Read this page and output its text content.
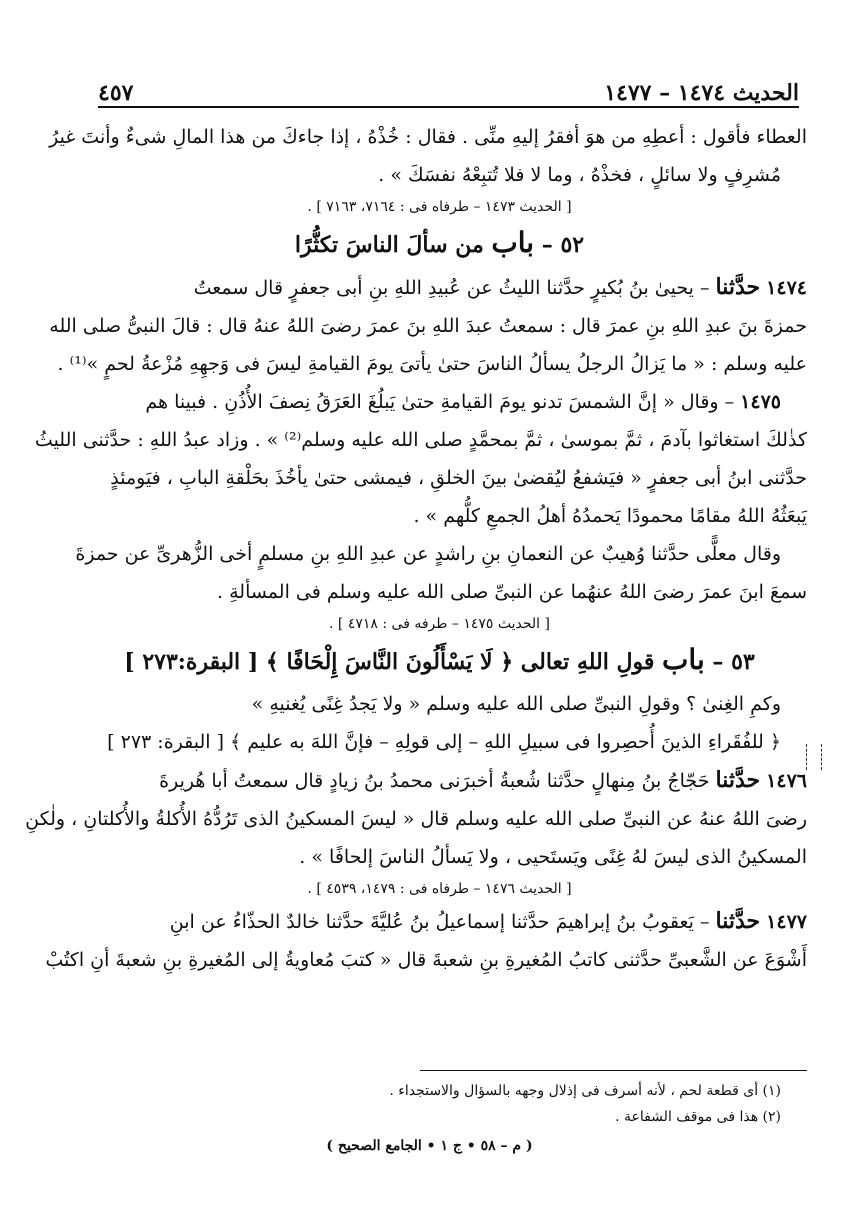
٤٥٧	الحديث ١٤٧٤ – ١٤٧٧
العطاء فأقول : أعطِهِ من هوَ أفقرُ إليهِ منِّى . فقال : خُذْهُ ، إذا جاءكَ من هذا المالِ شىءٌ وأنتَ غيرُ
مُشرِفٍ ولا سائلٍ ، فخذْهُ ، وما لا فلا تُتبِعْهُ نفسَكَ » .
[ الحديث ١٤٧٣ – طرفاه فى : ٧١٦٤، ٧١٦٣ ] .
٥٢ – باب من سألَ الناسَ تكثُّرًا
١٤٧٤ حدَّثنا – يحيىٰ بنُ بُكيرٍ حدَّثنا الليثُ عن عُبيدِ اللهِ بنِ أبى جعفرٍ قال سمعتُ
حمزةَ بنَ عبدِ اللهِ بنِ عمرَ قال : سمعتُ عبدَ اللهِ بنَ عمرَ رضىَ اللهُ عنهُ قال : قالَ النبىُّ صلى الله
عليه وسلم : « ما يَزالُ الرجلُ يسألُ الناسَ حتىٰ يأتىَ يومَ القيامةِ ليسَ فى وَجهِهِ مُزْعةُ لحمٍ »⁽¹⁾ .
١٤٧٥ – وقال « إنَّ الشمسَ تدنو يومَ القيامةِ حتىٰ يَبلُغَ العَرَقُ نِصفَ الأُذُنِ . فبينا هم
كذٰلكَ استغاثوا بآدمَ ، ثمَّ بموسىٰ ، ثمَّ بمحمَّدٍ صلى الله عليه وسلم⁽²⁾ » . وزاد عبدُ اللهِ : حدَّثنى الليثُ
حدَّثنى ابنُ أبى جعفرٍ « فيَشفعُ ليُقضىٰ بينَ الخلقِ ، فيمشى حتىٰ يأخُذَ بحَلْقةِ البابِ ، فيَومئذٍ
يَبعَثُهُ اللهُ مقامًا محمودًا يَحمدُهُ أهلُ الجمعِ كلُّهم » .
وقال معلًّى حدَّثنا وُهيبٌ عن النعمانِ بنِ راشدٍ عن عبدِ اللهِ بنِ مسلمٍ أخى الزُّهرىِّ عن حمزةَ
سمعَ ابنَ عمرَ رضىَ اللهُ عنهُما عن النبىِّ صلى الله عليه وسلم فى المسألةِ .
[ الحديث ١٤٧٥ – طرفه فى : ٤٧١٨ ] .
٥٣ – باب قولِ اللهِ تعالى ﴿ لَا يَسْأَلُونَ النَّاسَ إِلْحَافًا ﴾ [ البقرة:٢٧٣ ]
وكمِ الغِنىٰ ؟ وقولِ النبىِّ صلى الله عليه وسلم « ولا يَجدُ غِنًى يُغنيهِ »
﴿ للفُقَراءِ الذينَ أُحصِروا فى سبيلِ اللهِ – إلى قولِهِ – فإنَّ اللهَ به عليم ﴾ [ البقرة: ٢٧٣ ]
١٤٧٦ حدَّثنا حَجّاجُ بنُ مِنهالٍ حدَّثنا شُعبةُ أخبرَنى محمدُ بنُ زيادٍ قال سمعتُ أبا هُريرةَ
رضىَ اللهُ عنهُ عن النبىِّ صلى الله عليه وسلم قال « ليسَ المسكينُ الذى تَرُدُّهُ الأُكلةُ والأُكلتانِ ، ولٰكنِ
المسكينُ الذى ليسَ لهُ غِنًى ويَستَحيى ، ولا يَسألُ الناسَ إلحافًا » .
[ الحديث ١٤٧٦ – طرفاه فى : ١٤٧٩، ٤٥٣٩ ] .
١٤٧٧ حدَّثنا – يَعقوبُ بنُ إبراهيمَ حدَّثنا إسماعيلُ بنُ عُليَّةَ حدَّثنا خالدٌ الحذّاءُ عن ابنِ
أَشْوَعَ عن الشَّعبىِّ حدَّثنى كاتبُ المُغيرةِ بنِ شعبةَ قال « كتبَ مُعاويةُ إلى المُغيرةِ بنِ شعبةَ أنِ اكتُبْ
(١) أى قطعة لحم ، لأنه أسرف فى إذلال وجهه بالسؤال والاستجداء .
(٢) هذا فى موقف الشفاعة .
( م – ٥٨ • ج ١ • الجامع الصحيح )
